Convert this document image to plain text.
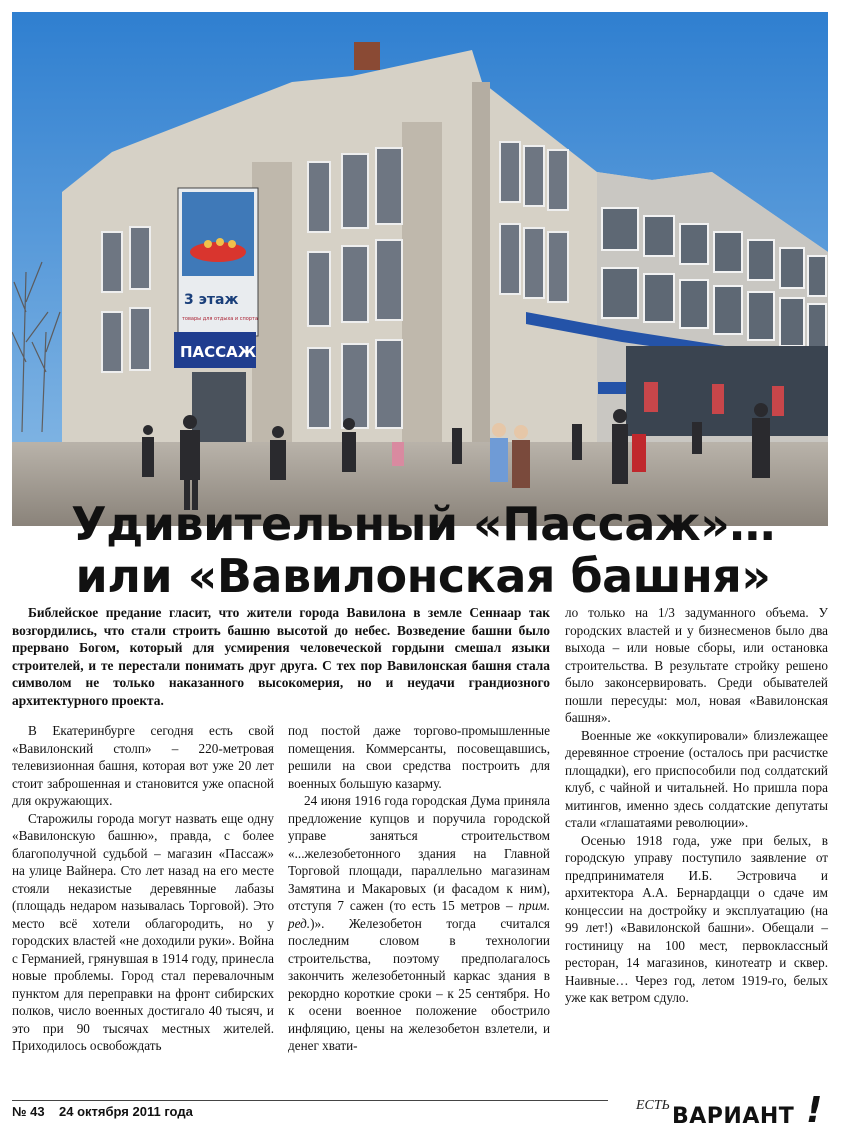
3 этаж
товары для отдыха и спорта
ПАССАЖ
Удивительный «Пассаж»…
или «Вавилонская башня»

Библейское предание гласит, что жители города Вавилона в земле Сеннаар так возгордились, что стали строить башню высотой до небес. Возведение башни было прервано Богом, который для усмирения человеческой гордыни смешал языки строителей, и те перестали понимать друг друга. С тех пор Вавилонская башня стала символом не только наказанного высокомерия, но и неудачи грандиозного архитектурного проекта.

В Екатеринбурге сегодня есть свой «Вавилонский столп» – 220-метровая телевизионная башня, которая вот уже 20 лет стоит заброшенная и становится уже опасной для окружающих.

Старожилы города могут назвать еще одну «Вавилонскую башню», правда, с более благополучной судьбой – магазин «Пассаж» на улице Вайнера. Сто лет назад на его месте стояли неказистые деревянные лабазы (площадь недаром называлась Торговой). Это место всё хотели облагородить, но у городских властей «не доходили руки». Война с Германией, грянувшая в 1914 году, принесла новые проблемы. Город стал перевалочным пунктом для переправки на фронт сибирских полков, число военных достигало 40 тысяч, и это при 90 тысячах местных жителей. Приходилось освобождать

под постой даже торгово-промышленные помещения. Коммерсанты, посовещавшись, решили на свои средства построить для военных большую казарму.

24 июня 1916 года городская Дума приняла предложение купцов и поручила городской управе заняться строительством «...железобетонного здания на Главной Торговой площади, параллельно магазинам Замятина и Макаровых (и фасадом к ним), отступя 7 сажен (то есть 15 метров – прим. ред.)». Железобетон тогда считался последним словом в технологии строительства, поэтому предполагалось закончить железобетонный каркас здания в рекордно короткие сроки – к 25 сентября. Но к осени военное положение обострило инфляцию, цены на железобетон взлетели, и денег хвати-

ло только на 1/3 задуманного объема. У городских властей и у бизнесменов было два выхода – или новые сборы, или остановка строительства. В результате стройку решено было законсервировать. Среди обывателей пошли пересуды: мол, новая «Вавилонская башня».

Военные же «оккупировали» близлежащее деревянное строение (осталось при расчистке площадки), его приспособили под солдатский клуб, с чайной и читальней. Но пришла пора митингов, именно здесь солдатские депутаты стали «глашатаями революции».

Осенью 1918 года, уже при белых, в городскую управу поступило заявление от предпринимателя И.Б. Эстровича и архитектора А.А. Бернардацци о сдаче им концессии на достройку и эксплуатацию (на 99 лет!) «Вавилонской башни». Обещали – гостиницу на 100 мест, первоклассный ресторан, 14 магазинов, кинотеатр и сквер. Наивные… Через год, летом 1919-го, белых уже как ветром сдуло.

№ 43 24 октября 2011 года	ЕСТЬ ВАРИАНТ !
